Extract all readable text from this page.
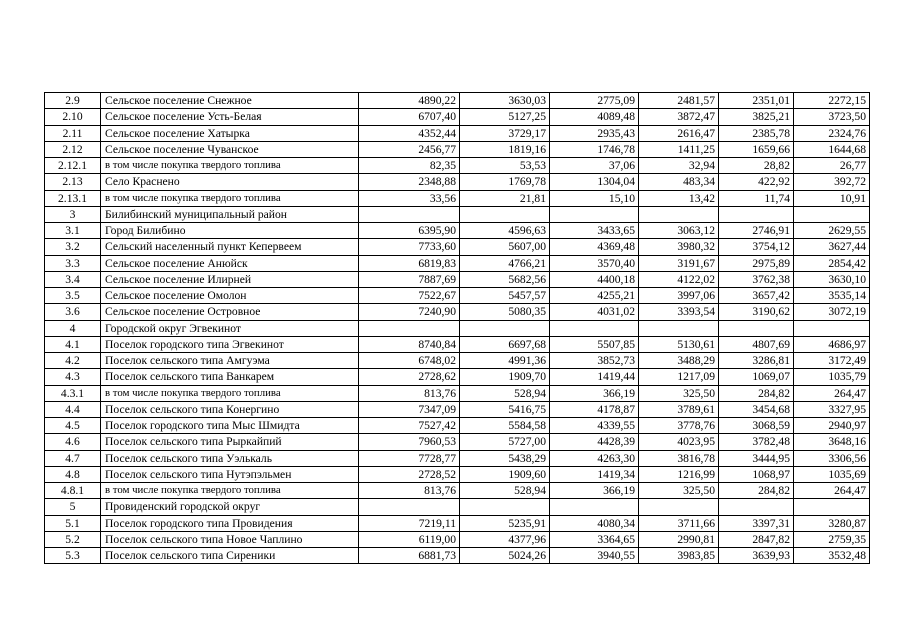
2.9	Сельское поселение Снежное	4890,22	3630,03	2775,09	2481,57	2351,01	2272,15
2.10	Сельское поселение Усть-Белая	6707,40	5127,25	4089,48	3872,47	3825,21	3723,50
2.11	Сельское поселение Хатырка	4352,44	3729,17	2935,43	2616,47	2385,78	2324,76
2.12	Сельское поселение Чуванское	2456,77	1819,16	1746,78	1411,25	1659,66	1644,68
2.12.1	в том числе покупка твердого топлива	82,35	53,53	37,06	32,94	28,82	26,77
2.13	Село Краснено	2348,88	1769,78	1304,04	483,34	422,92	392,72
2.13.1	в том числе покупка твердого топлива	33,56	21,81	15,10	13,42	11,74	10,91
3	Билибинский муниципальный район						
3.1	Город Билибино	6395,90	4596,63	3433,65	3063,12	2746,91	2629,55
3.2	Сельский населенный пункт Кепервеем	7733,60	5607,00	4369,48	3980,32	3754,12	3627,44
3.3	Сельское поселение Анюйск	6819,83	4766,21	3570,40	3191,67	2975,89	2854,42
3.4	Сельское поселение Илирней	7887,69	5682,56	4400,18	4122,02	3762,38	3630,10
3.5	Сельское поселение Омолон	7522,67	5457,57	4255,21	3997,06	3657,42	3535,14
3.6	Сельское поселение Островное	7240,90	5080,35	4031,02	3393,54	3190,62	3072,19
4	Городской округ Эгвекинот						
4.1	Поселок городского типа Эгвекинот	8740,84	6697,68	5507,85	5130,61	4807,69	4686,97
4.2	Поселок сельского типа Амгуэма	6748,02	4991,36	3852,73	3488,29	3286,81	3172,49
4.3	Поселок сельского типа Ванкарем	2728,62	1909,70	1419,44	1217,09	1069,07	1035,79
4.3.1	в том числе покупка твердого топлива	813,76	528,94	366,19	325,50	284,82	264,47
4.4	Поселок сельского типа Конергино	7347,09	5416,75	4178,87	3789,61	3454,68	3327,95
4.5	Поселок городского типа Мыс Шмидта	7527,42	5584,58	4339,55	3778,76	3068,59	2940,97
4.6	Поселок сельского типа Рыркайпий	7960,53	5727,00	4428,39	4023,95	3782,48	3648,16
4.7	Поселок сельского типа Уэлькаль	7728,77	5438,29	4263,30	3816,78	3444,95	3306,56
4.8	Поселок сельского типа Нутэпэльмен	2728,52	1909,60	1419,34	1216,99	1068,97	1035,69
4.8.1	в том числе покупка твердого топлива	813,76	528,94	366,19	325,50	284,82	264,47
5	Провиденский городской округ						
5.1	Поселок городского типа Провидения	7219,11	5235,91	4080,34	3711,66	3397,31	3280,87
5.2	Поселок сельского типа Новое Чаплино	6119,00	4377,96	3364,65	2990,81	2847,82	2759,35
5.3	Поселок сельского типа Сиреники	6881,73	5024,26	3940,55	3983,85	3639,93	3532,48
